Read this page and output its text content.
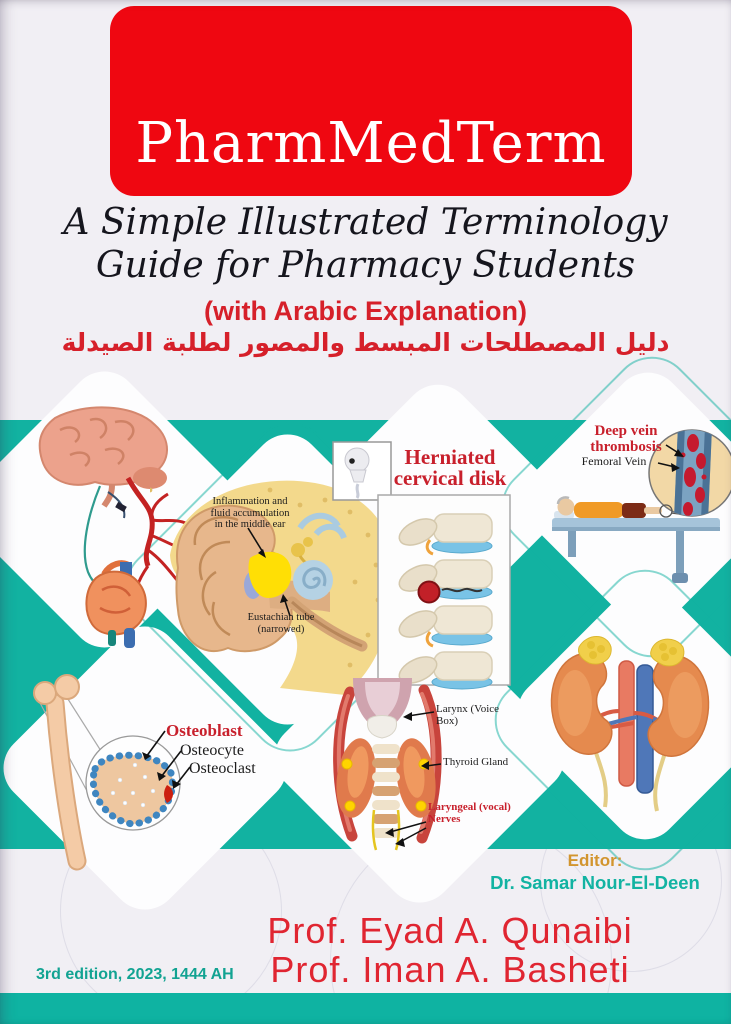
PharmMedTerm
A Simple Illustrated Terminology
Guide for Pharmacy Students
(with Arabic Explanation)
دليل المصطلحات المبسط والمصور لطلبة الصيدلة
Inflammation and fluid accumulation in the middle ear
Eustachian tube (narrowed)
Herniated cervical disk
Deep vein thrombosis
Femoral Vein
Osteoblast
Osteocyte
Osteoclast
Larynx (Voice Box)
Thyroid Gland
Laryngeal (vocal) Nerves
Editor:
Dr. Samar Nour-El-Deen
Prof. Eyad A. Qunaibi
Prof. Iman A. Basheti
3rd edition, 2023, 1444 AH
